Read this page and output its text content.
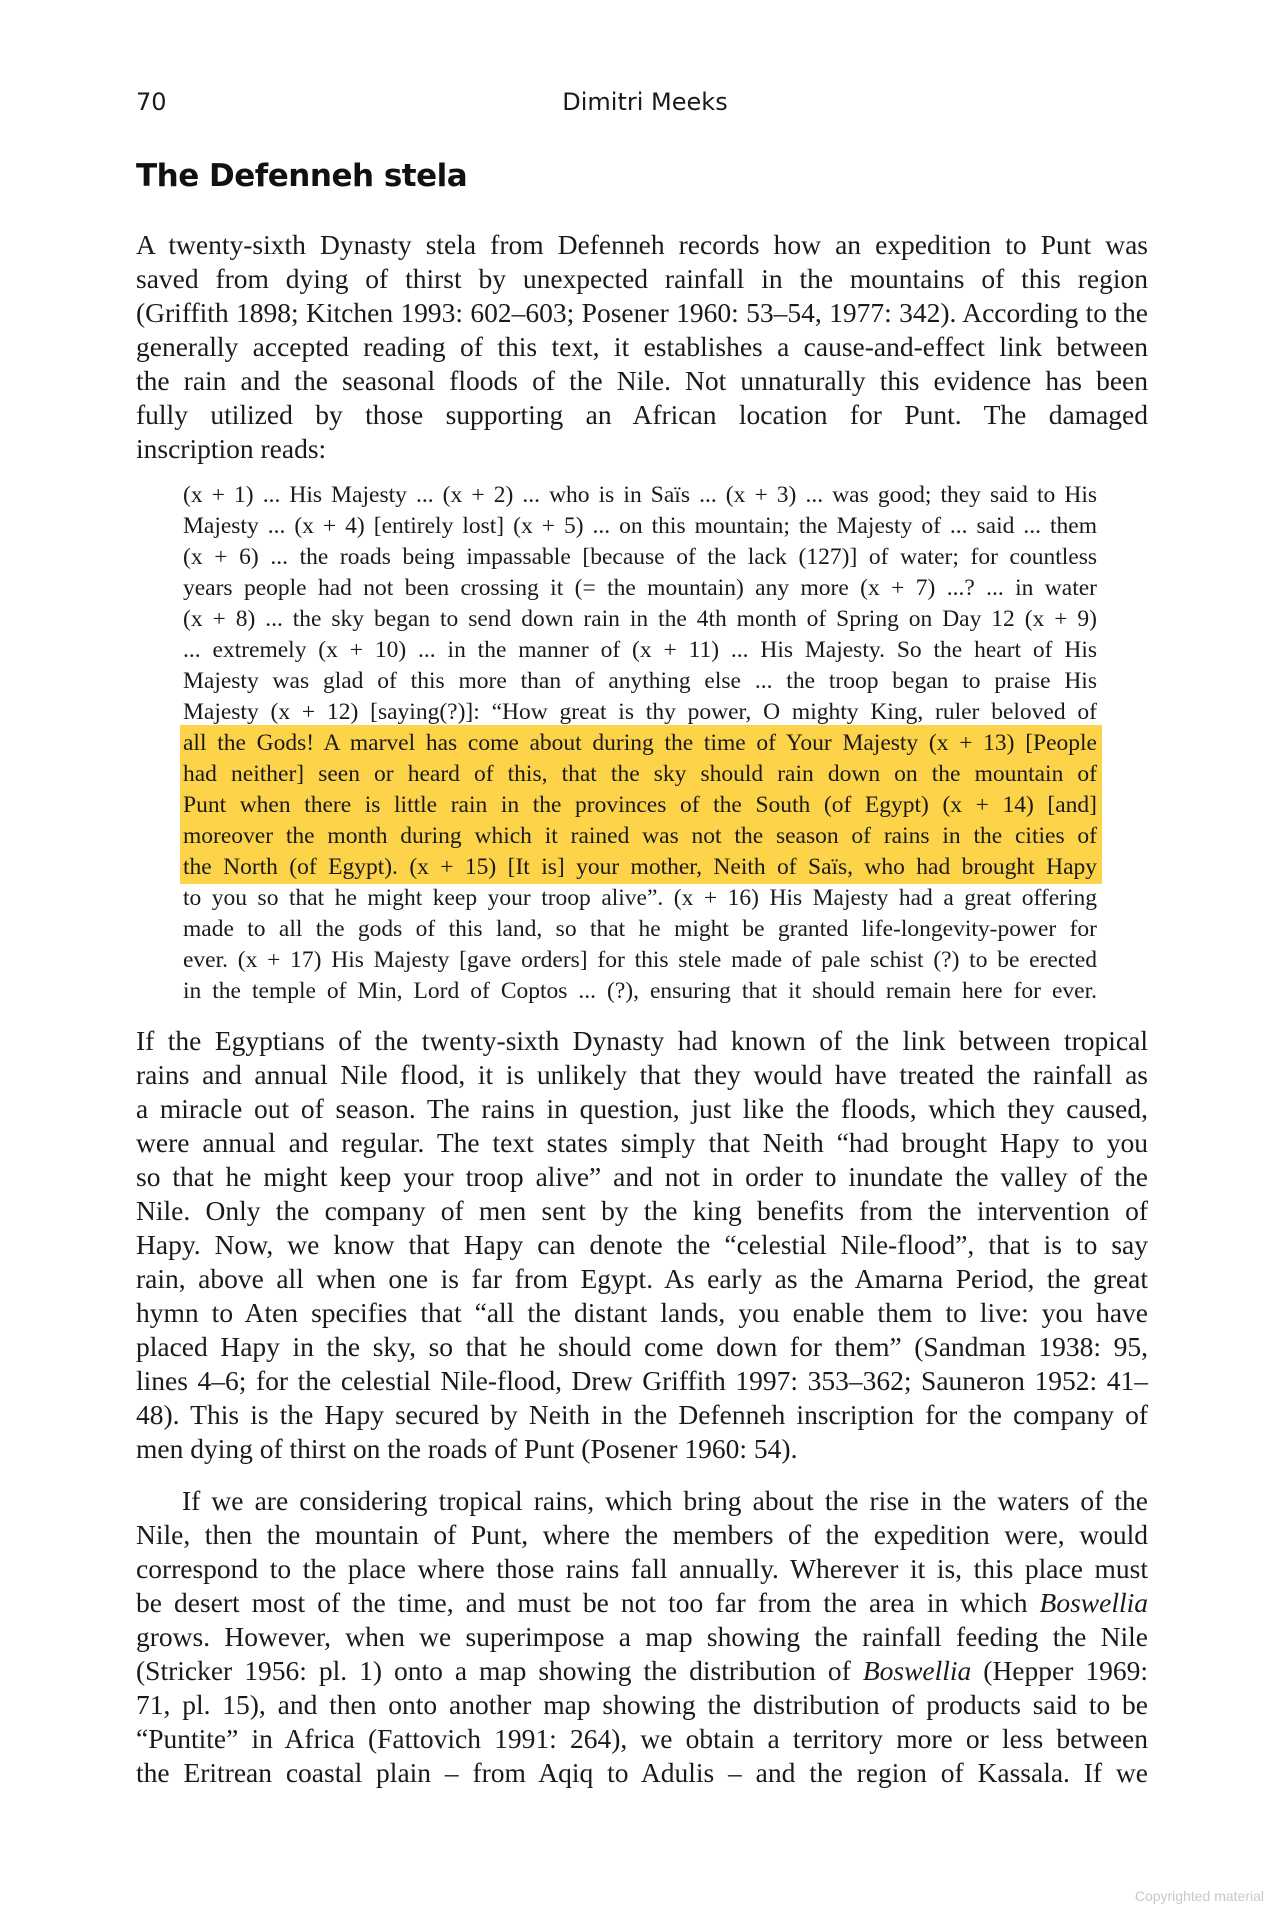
70	Dimitri Meeks
The Defenneh stela
A twenty-sixth Dynasty stela from Defenneh records how an expedition to Punt was
saved from dying of thirst by unexpected rainfall in the mountains of this region
(Griffith 1898; Kitchen 1993: 602–603; Posener 1960: 53–54, 1977: 342). According to the
generally accepted reading of this text, it establishes a cause-and-effect link between
the rain and the seasonal floods of the Nile. Not unnaturally this evidence has been
fully utilized by those supporting an African location for Punt. The damaged
inscription reads:
(x + 1) ... His Majesty ... (x + 2) ... who is in Saïs ... (x + 3) ... was good; they said to His
Majesty ... (x + 4) [entirely lost] (x + 5) ... on this mountain; the Majesty of ... said ... them
(x + 6) ... the roads being impassable [because of the lack (127)] of water; for countless
years people had not been crossing it (= the mountain) any more (x + 7) ...? ... in water
(x + 8) ... the sky began to send down rain in the 4th month of Spring on Day 12 (x + 9)
... extremely (x + 10) ... in the manner of (x + 11) ... His Majesty. So the heart of His
Majesty was glad of this more than of anything else ... the troop began to praise His
Majesty (x + 12) [saying(?)]: “How great is thy power, O mighty King, ruler beloved of
all the Gods! A marvel has come about during the time of Your Majesty (x + 13) [People
had neither] seen or heard of this, that the sky should rain down on the mountain of
Punt when there is little rain in the provinces of the South (of Egypt) (x + 14) [and]
moreover the month during which it rained was not the season of rains in the cities of
the North (of Egypt). (x + 15) [It is] your mother, Neith of Saïs, who had brought Hapy
to you so that he might keep your troop alive”. (x + 16) His Majesty had a great offering
made to all the gods of this land, so that he might be granted life-longevity-power for
ever. (x + 17) His Majesty [gave orders] for this stele made of pale schist (?) to be erected
in the temple of Min, Lord of Coptos ... (?), ensuring that it should remain here for ever.
If the Egyptians of the twenty-sixth Dynasty had known of the link between tropical
rains and annual Nile flood, it is unlikely that they would have treated the rainfall as
a miracle out of season. The rains in question, just like the floods, which they caused,
were annual and regular. The text states simply that Neith “had brought Hapy to you
so that he might keep your troop alive” and not in order to inundate the valley of the
Nile. Only the company of men sent by the king benefits from the intervention of
Hapy. Now, we know that Hapy can denote the “celestial Nile-flood”, that is to say
rain, above all when one is far from Egypt. As early as the Amarna Period, the great
hymn to Aten specifies that “all the distant lands, you enable them to live: you have
placed Hapy in the sky, so that he should come down for them” (Sandman 1938: 95,
lines 4–6; for the celestial Nile-flood, Drew Griffith 1997: 353–362; Sauneron 1952: 41–
48). This is the Hapy secured by Neith in the Defenneh inscription for the company of
men dying of thirst on the roads of Punt (Posener 1960: 54).
If we are considering tropical rains, which bring about the rise in the waters of the
Nile, then the mountain of Punt, where the members of the expedition were, would
correspond to the place where those rains fall annually. Wherever it is, this place must
be desert most of the time, and must be not too far from the area in which Boswellia
grows. However, when we superimpose a map showing the rainfall feeding the Nile
(Stricker 1956: pl. 1) onto a map showing the distribution of Boswellia (Hepper 1969:
71, pl. 15), and then onto another map showing the distribution of products said to be
“Puntite” in Africa (Fattovich 1991: 264), we obtain a territory more or less between
the Eritrean coastal plain – from Aqiq to Adulis – and the region of Kassala. If we
Copyrighted material
